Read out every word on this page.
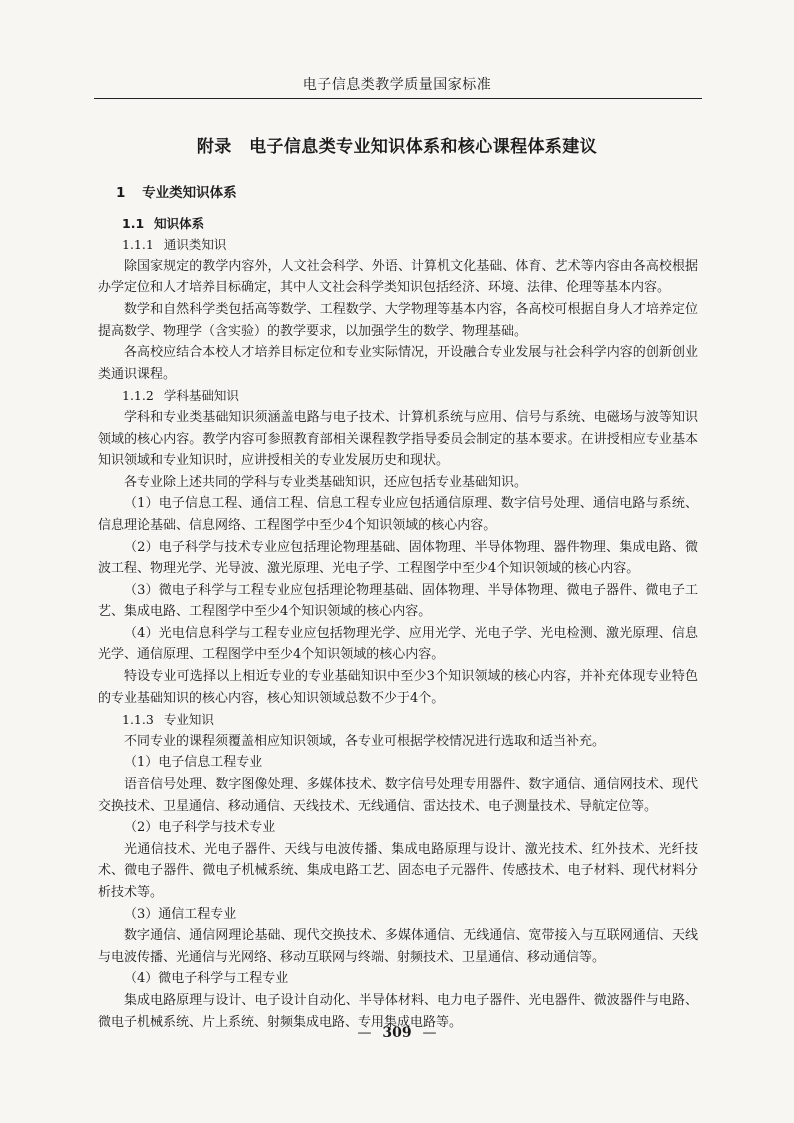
电子信息类教学质量国家标准
附录　电子信息类专业知识体系和核心课程体系建议
1 专业类知识体系
1.1 知识体系
1.1.1 通识类知识

除国家规定的教学内容外，人文社会科学、外语、计算机文化基础、体育、艺术等内容由各高校根据办学定位和人才培养目标确定，其中人文社会科学类知识包括经济、环境、法律、伦理等基本内容。

数学和自然科学类包括高等数学、工程数学、大学物理等基本内容，各高校可根据自身人才培养定位提高数学、物理学（含实验）的教学要求，以加强学生的数学、物理基础。

各高校应结合本校人才培养目标定位和专业实际情况，开设融合专业发展与社会科学内容的创新创业类通识课程。

1.1.2 学科基础知识

学科和专业类基础知识须涵盖电路与电子技术、计算机系统与应用、信号与系统、电磁场与波等知识领域的核心内容。教学内容可参照教育部相关课程教学指导委员会制定的基本要求。在讲授相应专业基本知识领域和专业知识时，应讲授相关的专业发展历史和现状。

各专业除上述共同的学科与专业类基础知识，还应包括专业基础知识。

（1）电子信息工程、通信工程、信息工程专业应包括通信原理、数字信号处理、通信电路与系统、信息理论基础、信息网络、工程图学中至少4个知识领域的核心内容。

（2）电子科学与技术专业应包括理论物理基础、固体物理、半导体物理、器件物理、集成电路、微波工程、物理光学、光导波、激光原理、光电子学、工程图学中至少4个知识领域的核心内容。

（3）微电子科学与工程专业应包括理论物理基础、固体物理、半导体物理、微电子器件、微电子工艺、集成电路、工程图学中至少4个知识领域的核心内容。

（4）光电信息科学与工程专业应包括物理光学、应用光学、光电子学、光电检测、激光原理、信息光学、通信原理、工程图学中至少4个知识领域的核心内容。

特设专业可选择以上相近专业的专业基础知识中至少3个知识领域的核心内容，并补充体现专业特色的专业基础知识的核心内容，核心知识领域总数不少于4个。

1.1.3 专业知识

不同专业的课程须覆盖相应知识领域，各专业可根据学校情况进行选取和适当补充。

（1）电子信息工程专业

语音信号处理、数字图像处理、多媒体技术、数字信号处理专用器件、数字通信、通信网技术、现代交换技术、卫星通信、移动通信、天线技术、无线通信、雷达技术、电子测量技术、导航定位等。

（2）电子科学与技术专业

光通信技术、光电子器件、天线与电波传播、集成电路原理与设计、激光技术、红外技术、光纤技术、微电子器件、微电子机械系统、集成电路工艺、固态电子元器件、传感技术、电子材料、现代材料分析技术等。

（3）通信工程专业

数字通信、通信网理论基础、现代交换技术、多媒体通信、无线通信、宽带接入与互联网通信、天线与电波传播、光通信与光网络、移动互联网与终端、射频技术、卫星通信、移动通信等。

（4）微电子科学与工程专业

集成电路原理与设计、电子设计自动化、半导体材料、电力电子器件、光电器件、微波器件与电路、微电子机械系统、片上系统、射频集成电路、专用集成电路等。

— 309 —
